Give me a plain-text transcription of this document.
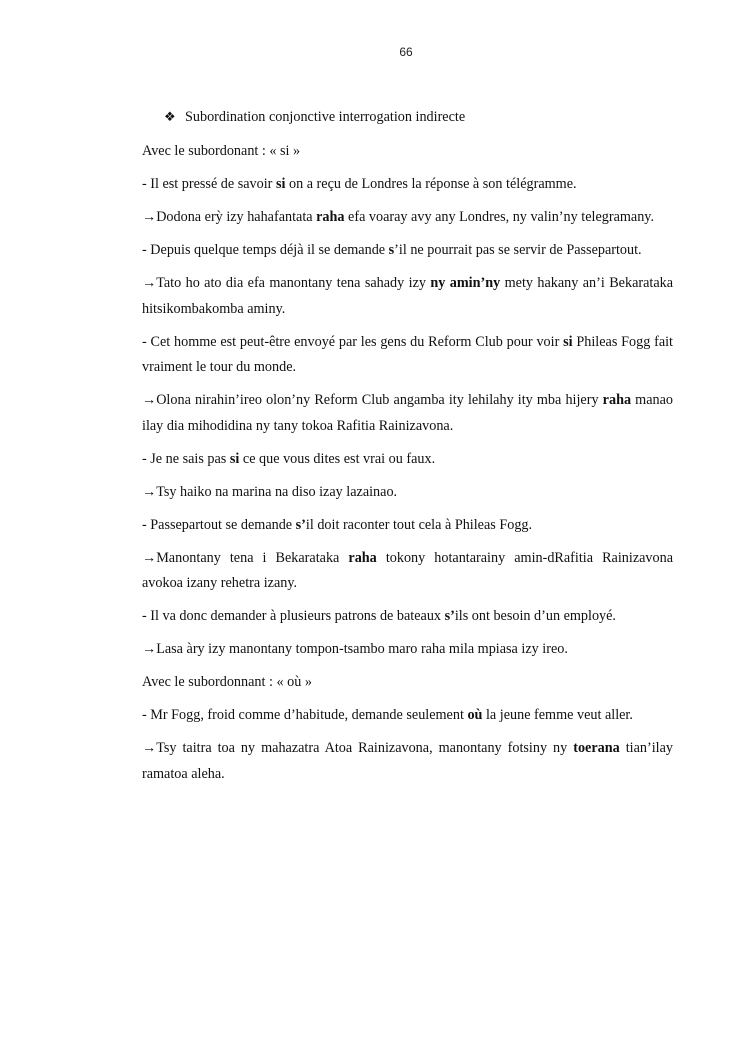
66
❖ Subordination conjonctive interrogation indirecte

Avec le subordonant : « si »

- Il est pressé de savoir si on a reçu de Londres la réponse à son télégramme.

→Dodona erỳ izy hahafantata raha efa voaray avy any Londres, ny valin’ny telegramany.

- Depuis quelque temps déjà il se demande s’il ne pourrait pas se servir de Passepartout.

→Tato ho ato dia efa manontany tena sahady izy ny amin’ny mety hakany an’i Bekarataka hitsikombakomba aminy.

- Cet homme est peut-être envoyé par les gens du Reform Club pour voir si Phileas Fogg fait vraiment le tour du monde.

→Olona nirahin’ireo olon’ny Reform Club angamba ity lehilahy ity mba hijery raha manao ilay dia mihodidina ny tany tokoa Rafitia Rainizavona.

- Je ne sais pas si ce que vous dites est vrai ou faux.

→Tsy haiko na marina na diso izay lazainao.

- Passepartout se demande s’il doit raconter tout cela à Phileas Fogg.

→Manontany tena i Bekarataka raha tokony hotantarainy amin-dRafitia Rainizavona avokoa izany rehetra izany.

- Il va donc demander à plusieurs patrons de bateaux s’ils ont besoin d’un employé.

→Lasa àry izy manontany tompon-tsambo maro raha mila mpiasa izy ireo.

Avec le subordonnant : « où »

- Mr Fogg, froid comme d’habitude, demande seulement où la jeune femme veut aller.

→Tsy taitra toa ny mahazatra Atoa Rainizavona, manontany fotsiny ny toerana tian’ilay ramatoa aleha.
